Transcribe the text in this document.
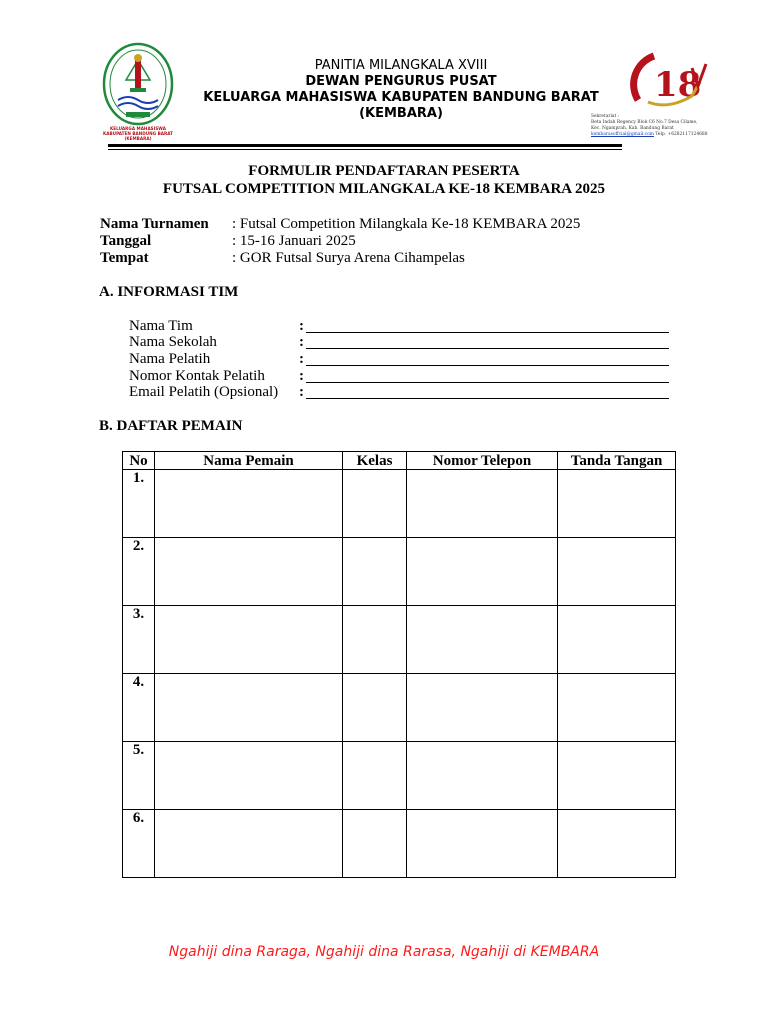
KELUARGA MAHASISWA
KABUPATEN BANDUNG BARAT
(KEMBARA)
PANITIA MILANGKALA XVIII
DEWAN PENGURUS PUSAT
KELUARGA MAHASISWA KABUPATEN BANDUNG BARAT
(KEMBARA)
18
Sekretariat :
Beta Indah Regency Blok C6 No.7 Desa Cilame,
Kec. Ngamprah, Kab. Bandung Barat
kembarasoffcial@gmail.com Telp. +6282117124688
FORMULIR PENDAFTARAN PESERTA
FUTSAL COMPETITION MILANGKALA KE-18 KEMBARA 2025
Nama Turnamen : Futsal Competition Milangkala Ke-18 KEMBARA 2025
Tanggal	: 15-16 Januari 2025
Tempat	: GOR Futsal Surya Arena Cihampelas
A. INFORMASI TIM
Nama Tim	:
Nama Sekolah	:
Nama Pelatih	:
Nomor Kontak Pelatih :
Email Pelatih (Opsional) :
B. DAFTAR PEMAIN
No	Nama Pemain	Kelas	Nomor Telepon	Tanda Tangan
1.				
2.				
3.				
4.				
5.				
6.				
Ngahiji dina Raraga, Ngahiji dina Rarasa, Ngahiji di KEMBARA
